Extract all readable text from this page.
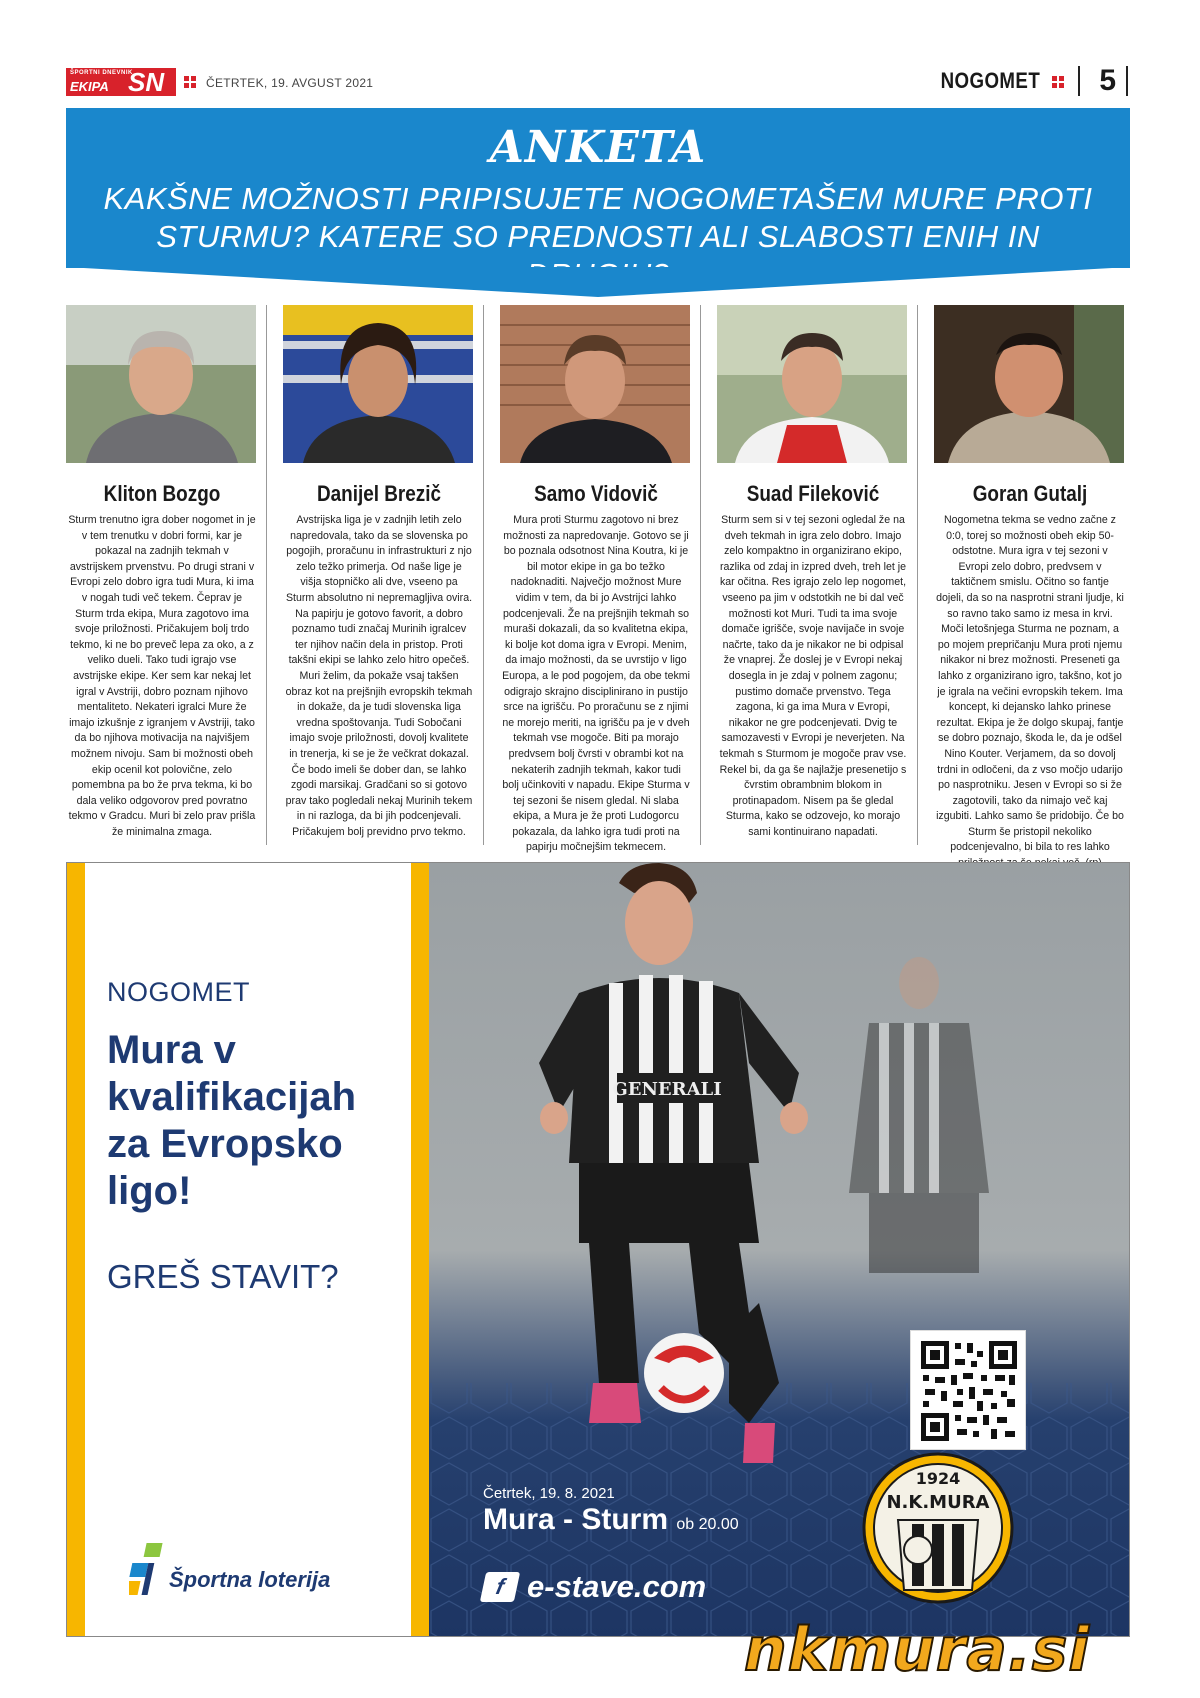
ŠPORTNI DNEVNIK
EKIPA SN	ČETRTEK, 19. AVGUST 2021	NOGOMET 5
ANKETA
KAKŠNE MOŽNOSTI PRIPISUJETE NOGOMETAŠEM MURE PROTI
STURMU? KATERE SO PREDNOSTI ALI SLABOSTI ENIH IN
Kliton Bozgo
Sturm trenutno igra dober nogomet in je v tem trenutku v dobri formi, kar je pokazal na zadnjih tekmah v avstrijskem prvenstvu. Po drugi strani v Evropi zelo dobro igra tudi Mura, ki ima v nogah tudi več tekem. Čeprav je Sturm trda ekipa, Mura zagotovo ima svoje priložnosti. Pričakujem bolj trdo tekmo, ki ne bo preveč lepa za oko, a z veliko dueli. Tako tudi igrajo vse avstrijske ekipe. Ker sem kar nekaj let igral v Avstriji, dobro poznam njihovo mentaliteto. Nekateri igralci Mure že imajo izkušnje z igranjem v Avstriji, tako da bo njihova motivacija na najvišjem možnem nivoju. Sam bi možnosti obeh ekip ocenil kot polovične, zelo pomembna pa bo že prva tekma, ki bo dala veliko odgovorov pred povratno tekmo v Gradcu. Muri bi zelo prav prišla že minimalna zmaga.
Danijel Brezič
Avstrijska liga je v zadnjih letih zelo napredovala, tako da se slovenska po pogojih, proračunu in infrastrukturi z njo zelo težko primerja. Od naše lige je višja stopničko ali dve, vseeno pa Sturm absolutno ni nepremagljiva ovira. Na papirju je gotovo favorit, a dobro poznamo tudi značaj Murinih igralcev ter njihov način dela in pristop. Proti takšni ekipi se lahko zelo hitro opečeš. Muri želim, da pokaže vsaj takšen obraz kot na prejšnjih evropskih tekmah in dokaže, da je tudi slovenska liga vredna spoštovanja. Tudi Sobočani imajo svoje priložnosti, dovolj kvalitete in trenerja, ki se je že večkrat dokazal. Če bodo imeli še dober dan, se lahko zgodi marsikaj. Gradčani so si gotovo prav tako pogledali nekaj Murinih tekem in ni razloga, da bi jih podcenjevali. Pričakujem bolj previdno prvo tekmo.
Samo Vidovič
Mura proti Sturmu zagotovo ni brez možnosti za napredovanje. Gotovo se ji bo poznala odsotnost Nina Koutra, ki je bil motor ekipe in ga bo težko nadoknaditi. Največjo možnost Mure vidim v tem, da bi jo Avstrijci lahko podcenjevali. Že na prejšnjih tekmah so muraši dokazali, da so kvalitetna ekipa, ki bolje kot doma igra v Evropi. Menim, da imajo možnosti, da se uvrstijo v ligo Europa, a le pod pogojem, da obe tekmi odigrajo skrajno disciplinirano in pustijo srce na igrišču. Po proračunu se z njimi ne morejo meriti, na igrišču pa je v dveh tekmah vse mogoče. Biti pa morajo predvsem bolj čvrsti v obrambi kot na nekaterih zadnjih tekmah, kakor tudi bolj učinkoviti v napadu. Ekipe Sturma v tej sezoni še nisem gledal. Ni slaba ekipa, a Mura je že proti Ludogorcu pokazala, da lahko igra tudi proti na papirju močnejšim tekmecem.
Suad Fileković
Sturm sem si v tej sezoni ogledal že na dveh tekmah in igra zelo dobro. Imajo zelo kompaktno in organizirano ekipo, razlika od zdaj in izpred dveh, treh let je kar očitna. Res igrajo zelo lep nogomet, vseeno pa jim v odstotkih ne bi dal več možnosti kot Muri. Tudi ta ima svoje domače igrišče, svoje navijače in svoje načrte, tako da je nikakor ne bi odpisal že vnaprej. Že doslej je v Evropi nekaj dosegla in je zdaj v polnem zagonu; pustimo domače prvenstvo. Tega zagona, ki ga ima Mura v Evropi, nikakor ne gre podcenjevati. Dvig te samozavesti v Evropi je neverjeten. Na tekmah s Sturmom je mogoče prav vse. Rekel bi, da ga še najlažje presenetijo s čvrstim obrambnim blokom in protinapadom. Nisem pa še gledal Sturma, kako se odzovejo, ko morajo sami kontinuirano napadati.
Goran Gutalj
Nogometna tekma se vedno začne z 0:0, torej so možnosti obeh ekip 50-odstotne. Mura igra v tej sezoni v Evropi zelo dobro, predvsem v taktičnem smislu. Očitno so fantje dojeli, da so na nasprotni strani ljudje, ki so ravno tako samo iz mesa in krvi. Moči letošnjega Sturma ne poznam, a po mojem prepričanju Mura proti njemu nikakor ni brez možnosti. Preseneti ga lahko z organizirano igro, takšno, kot jo je igrala na večini evropskih tekem. Ima koncept, ki dejansko lahko prinese rezultat. Ekipa je že dolgo skupaj, fantje se dobro poznajo, škoda le, da je odšel Nino Kouter. Verjamem, da so dovolj trdni in odločeni, da z vso močjo udarijo po nasprotniku. Jesen v Evropi so si že zagotovili, tako da nimajo več kaj izgubiti. Lahko samo še pridobijo. Če bo Sturm še pristopil nekoliko podcenjevalno, bi bila to res lahko
NOGOMET
Mura v kvalifikacijah za Evropsko ligo!
GREŠ STAVIT?
Športna loterija
GENERALI
Četrtek, 19. 8. 2021
Mura - Sturm ob 20.00
f e-stave.com
1924
N.K.MURA
nkmura.si
